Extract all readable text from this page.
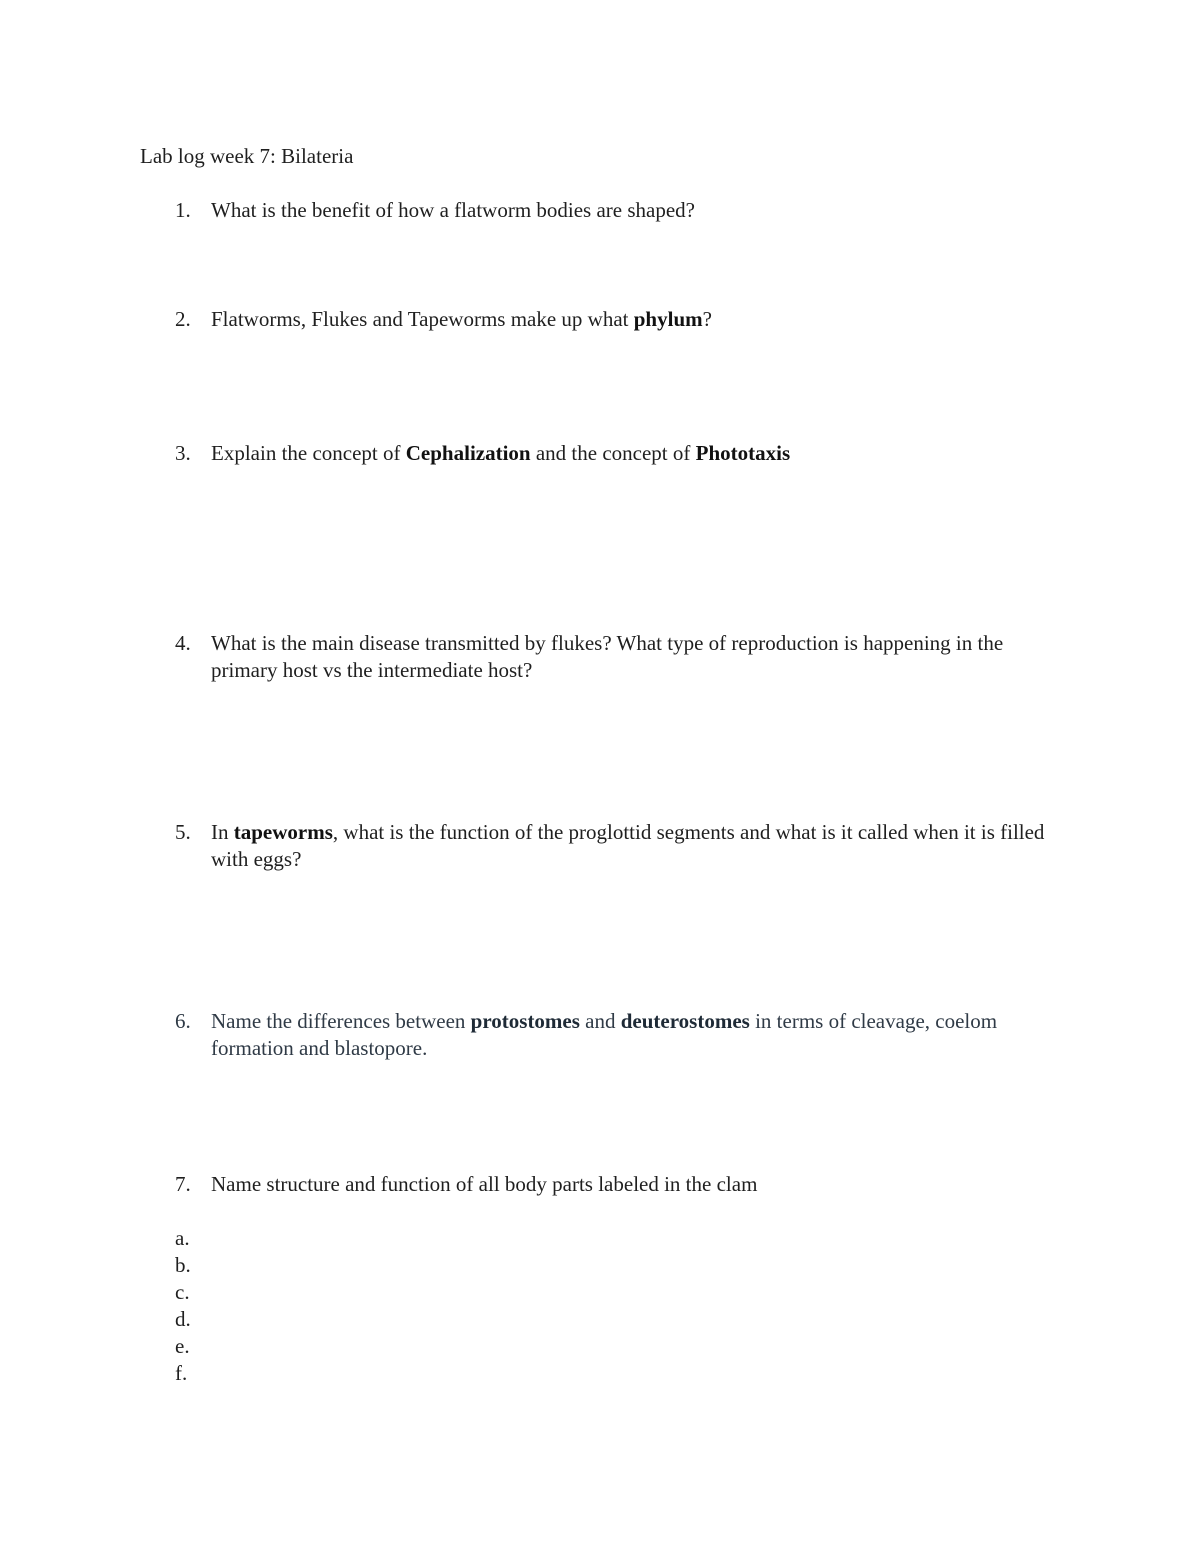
Lab log week 7: Bilateria
1. What is the benefit of how a flatworm bodies are shaped?
2. Flatworms, Flukes and Tapeworms make up what phylum?
3. Explain the concept of Cephalization and the concept of Phototaxis
4. What is the main disease transmitted by flukes? What type of reproduction is happening in the primary host vs the intermediate host?
5. In tapeworms, what is the function of the proglottid segments and what is it called when it is filled with eggs?
6. Name the differences between protostomes and deuterostomes in terms of cleavage, coelom formation and blastopore.
7. Name structure and function of all body parts labeled in the clam
a.
b.
c.
d.
e.
f.
